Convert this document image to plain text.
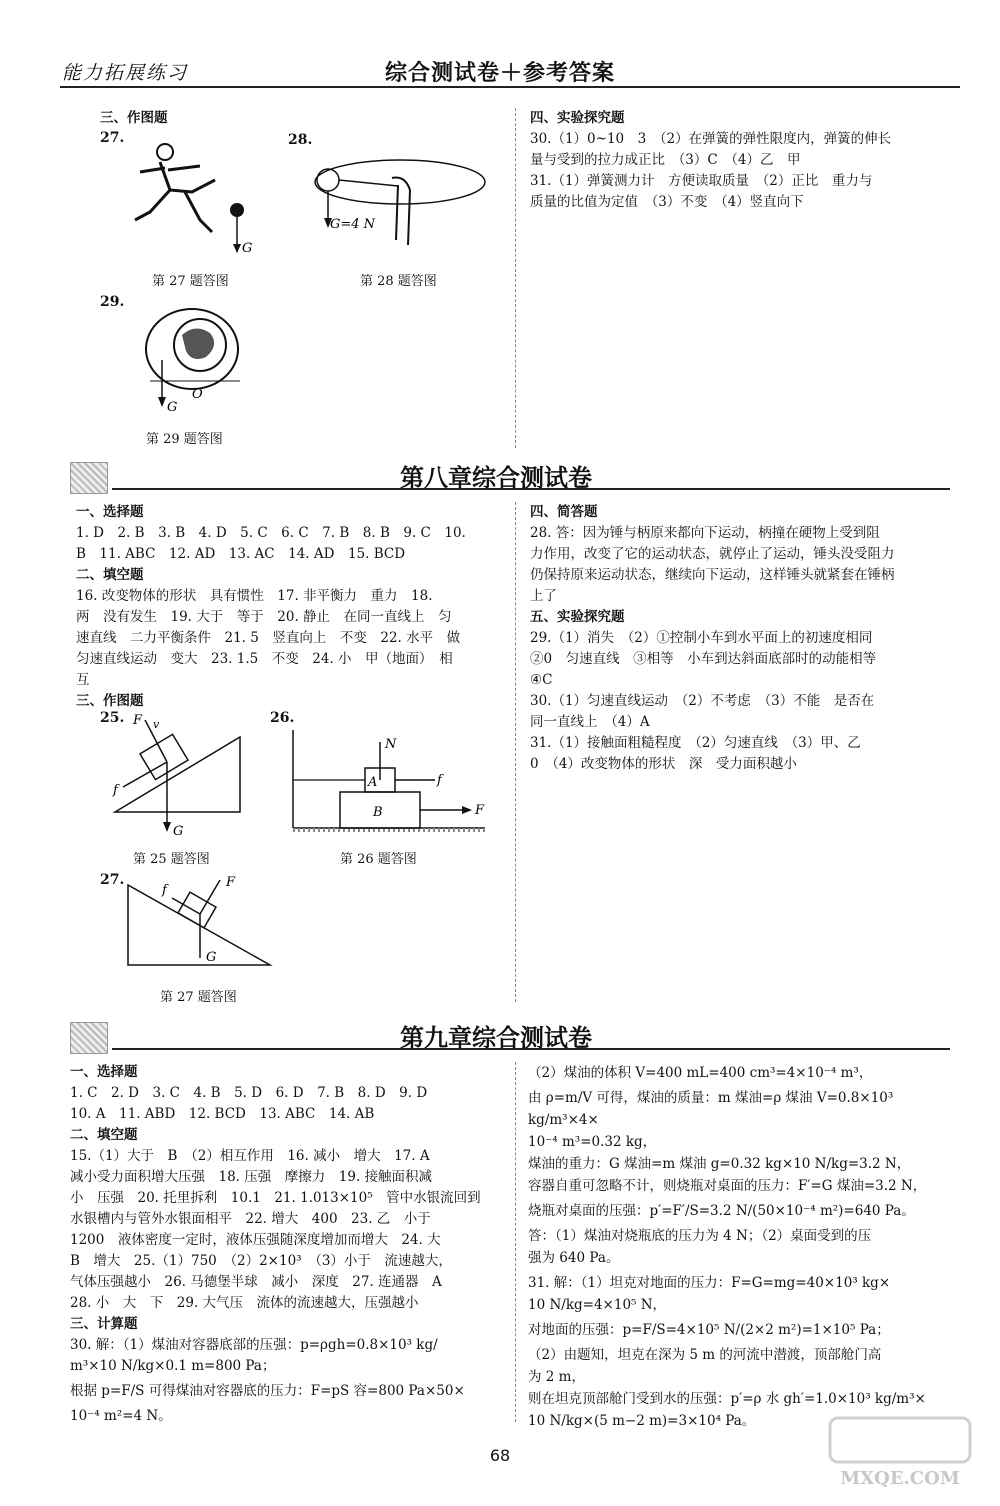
能力拓展练习	综合测试卷＋参考答案

三、作图题

27.	28.
G
G=4 N
第 27 题答图	第 28 题答图
29.
G
O
第 29 题答图

四、实验探究题

30.（1）0~10　3　（2）在弹簧的弹性限度内，弹簧的伸长

量与受到的拉力成正比　（3）C　（4）乙　甲

31.（1）弹簧测力计　方便读取质量　（2）正比　重力与

质量的比值为定值　（3）不变　（4）竖直向下

第八章综合测试卷

一、选择题

1. D　2. B　3. B　4. D　5. C　6. C　7. B　8. B　9. C　10.

B　11. ABC　12. AD　13. AC　14. AD　15. BCD

二、填空题

16. 改变物体的形状　具有惯性　17. 非平衡力　重力　18.

两　没有发生　19. 大于　等于　20. 静止　在同一直线上　匀

速直线　二力平衡条件　21. 5　竖直向上　不变　22. 水平　做

匀速直线运动　变大　23. 1.5　不变　24. 小　甲（地面）　相

互

三、作图题

25.
G
F
f
v	26.
B
A
N
f
F
第 25 题答图	第 26 题答图
27.
G
F
f
第 27 题答图

四、简答题

28. 答：因为锤与柄原来都向下运动，柄撞在硬物上受到阻

力作用，改变了它的运动状态，就停止了运动，锤头没受阻力

仍保持原来运动状态，继续向下运动，这样锤头就紧套在锤柄

上了

五、实验探究题

29.（1）消失　（2）①控制小车到水平面上的初速度相同

②0　匀速直线　③相等　小车到达斜面底部时的动能相等

④C

30.（1）匀速直线运动　（2）不考虑　（3）不能　是否在

同一直线上　（4）A

31.（1）接触面粗糙程度　（2）匀速直线　（3）甲、乙

0　（4）改变物体的形状　深　受力面积越小

第九章综合测试卷

一、选择题

1. C　2. D　3. C　4. B　5. D　6. D　7. B　8. D　9. D

10. A　11. ABD　12. BCD　13. ABC　14. AB

二、填空题

15.（1）大于　B　（2）相互作用　16. 减小　增大　17. A

减小受力面积增大压强　18. 压强　摩擦力　19. 接触面积减

小　压强　20. 托里拆利　10.1　21. 1.013×10⁵　管中水银流回到

水银槽内与管外水银面相平　22. 增大　400　23. 乙　小于

1200　液体密度一定时，液体压强随深度增加而增大　24. 大

B　增大　25.（1）750　（2）2×10³　（3）小于　流速越大，

气体压强越小　26. 马德堡半球　减小　深度　27. 连通器　A

28. 小　大　下　29. 大气压　流体的流速越大，压强越小

三、计算题

30. 解：（1）煤油对容器底部的压强：p=ρgh=0.8×10³ kg/

m³×10 N/kg×0.1 m=800 Pa；

根据 p=F/S 可得煤油对容器底的压力：F=pS 容=800 Pa×50×

10⁻⁴ m²=4 N。

（2）煤油的体积 V=400 mL=400 cm³=4×10⁻⁴ m³，

由 ρ=m/V 可得，煤油的质量：m 煤油=ρ 煤油 V=0.8×10³ kg/m³×4×

10⁻⁴ m³=0.32 kg，

煤油的重力：G 煤油=m 煤油 g=0.32 kg×10 N/kg=3.2 N，

容器自重可忽略不计，则烧瓶对桌面的压力：F′=G 煤油=3.2 N，

烧瓶对桌面的压强：p′=F′/S=3.2 N/(50×10⁻⁴ m²)=640 Pa。

答：（1）煤油对烧瓶底的压力为 4 N；（2）桌面受到的压

强为 640 Pa。

31. 解：（1）坦克对地面的压力：F=G=mg=40×10³ kg×

10 N/kg=4×10⁵ N，

对地面的压强：p=F/S=4×10⁵ N/(2×2 m²)=1×10⁵ Pa；

（2）由题知，坦克在深为 5 m 的河流中潜渡，顶部舱门高

为 2 m，

则在坦克顶部舱门受到水的压强：p′=ρ 水 gh′=1.0×10³ kg/m³×

10 N/kg×(5 m−2 m)=3×10⁴ Pa。

68
MXQE.COM
